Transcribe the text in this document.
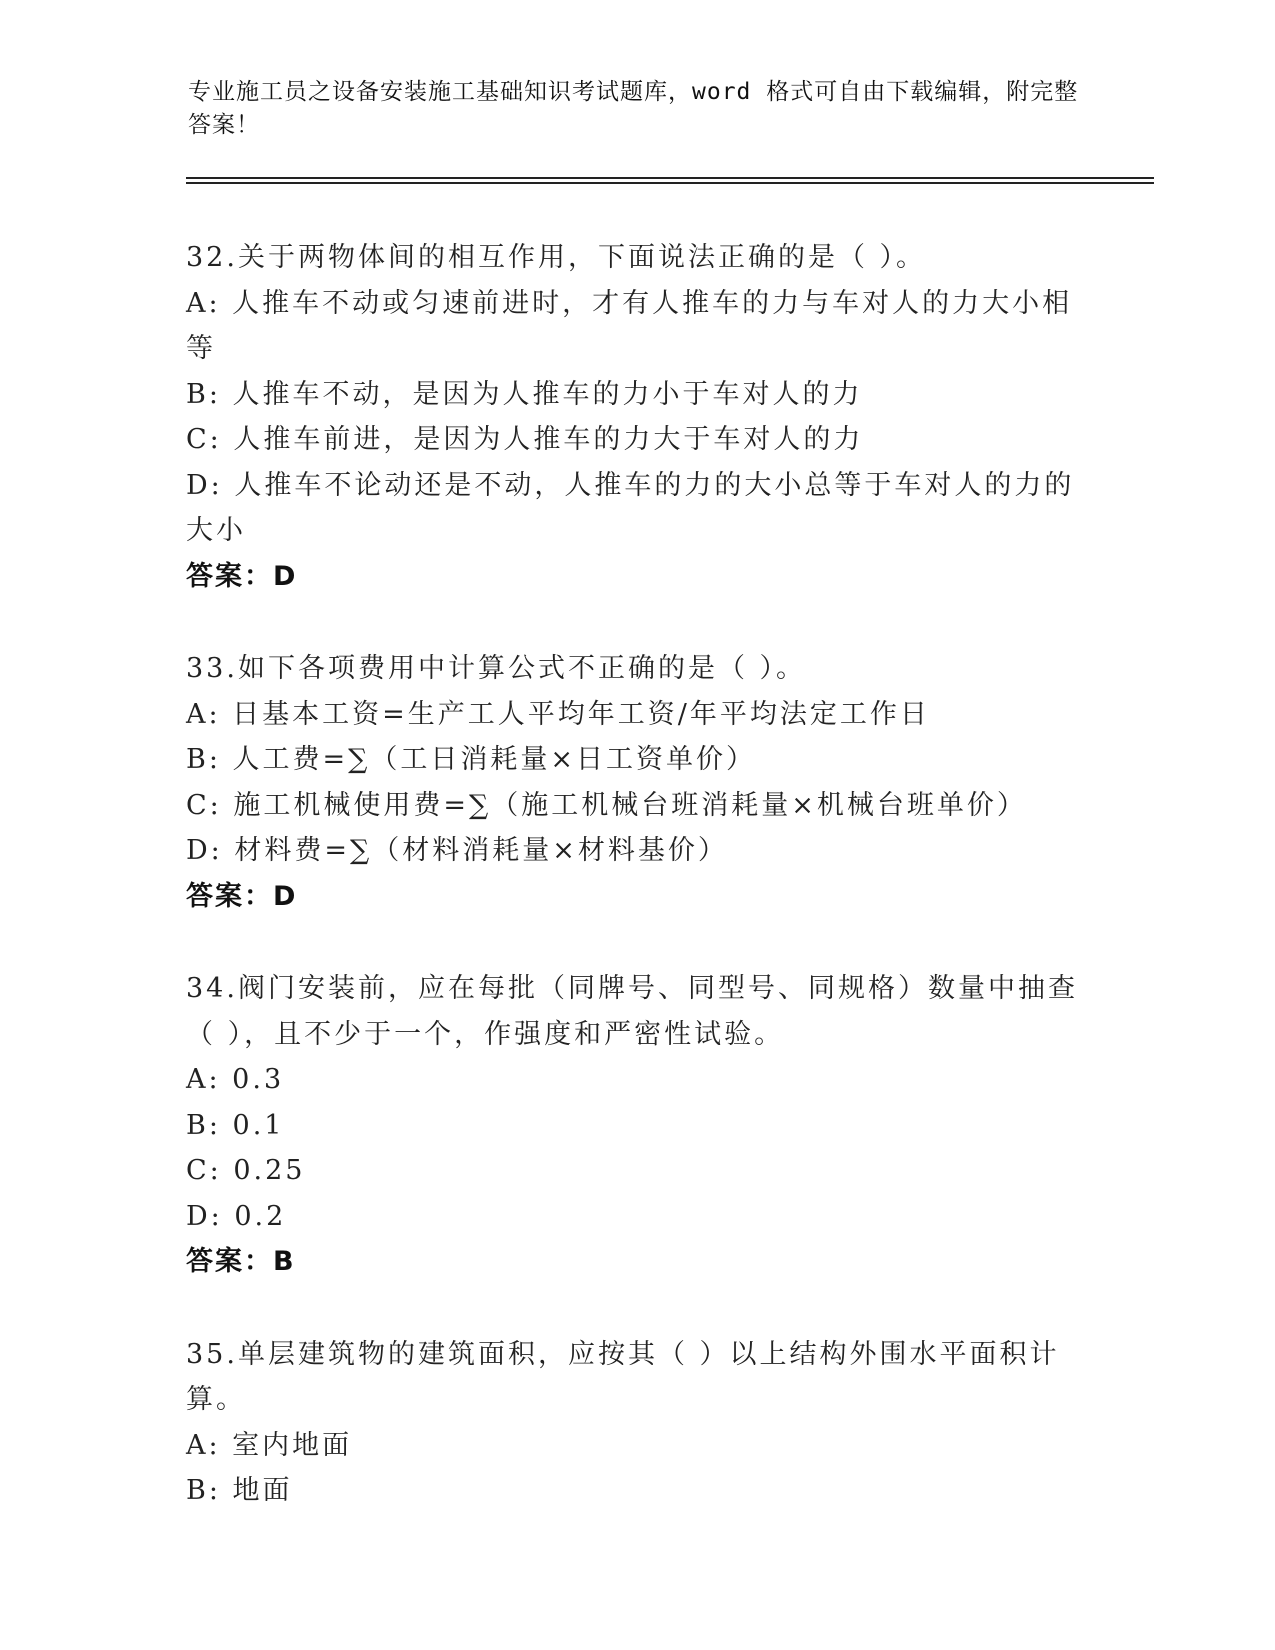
专业施工员之设备安装施工基础知识考试题库，word 格式可自由下载编辑，附完整答案！
32.关于两物体间的相互作用，下面说法正确的是（ ）。
A: 人推车不动或匀速前进时，才有人推车的力与车对人的力大小相等
B: 人推车不动，是因为人推车的力小于车对人的力
C: 人推车前进，是因为人推车的力大于车对人的力
D: 人推车不论动还是不动，人推车的力的大小总等于车对人的力的大小
答案：D
33.如下各项费用中计算公式不正确的是（ ）。
A: 日基本工资=生产工人平均年工资/年平均法定工作日
B: 人工费=∑（工日消耗量×日工资单价）
C: 施工机械使用费=∑（施工机械台班消耗量×机械台班单价）
D: 材料费=∑（材料消耗量×材料基价）
答案：D
34.阀门安装前，应在每批（同牌号、同型号、同规格）数量中抽查（ ），且不少于一个，作强度和严密性试验。
A: 0.3
B: 0.1
C: 0.25
D: 0.2
答案：B
35.单层建筑物的建筑面积，应按其（ ）以上结构外围水平面积计算。
A: 室内地面
B: 地面
